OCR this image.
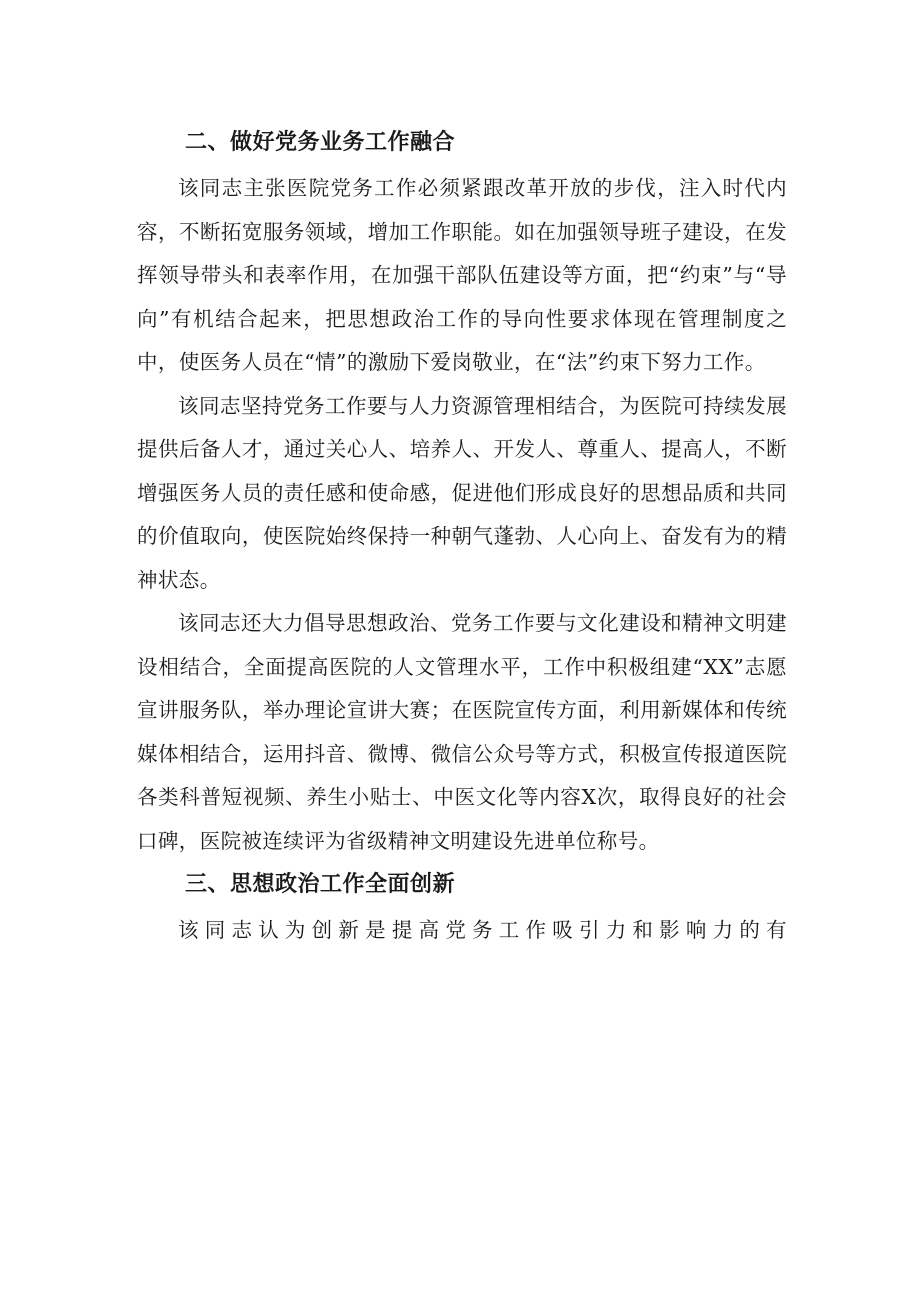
二、做好党务业务工作融合

该同志主张医院党务工作必须紧跟改革开放的步伐，注入时代内容，不断拓宽服务领域，增加工作职能。如在加强领导班子建设，在发挥领导带头和表率作用，在加强干部队伍建设等方面，把“约束”与“导向”有机结合起来，把思想政治工作的导向性要求体现在管理制度之中，使医务人员在“情”的激励下爱岗敬业，在“法”约束下努力工作。

该同志坚持党务工作要与人力资源管理相结合，为医院可持续发展提供后备人才，通过关心人、培养人、开发人、尊重人、提高人，不断增强医务人员的责任感和使命感，促进他们形成良好的思想品质和共同的价值取向，使医院始终保持一种朝气蓬勃、人心向上、奋发有为的精神状态。

该同志还大力倡导思想政治、党务工作要与文化建设和精神文明建设相结合，全面提高医院的人文管理水平，工作中积极组建“XX”志愿宣讲服务队，举办理论宣讲大赛；在医院宣传方面，利用新媒体和传统媒体相结合，运用抖音、微博、微信公众号等方式，积极宣传报道医院各类科普短视频、养生小贴士、中医文化等内容X次，取得良好的社会口碑，医院被连续评为省级精神文明建设先进单位称号。

三、思想政治工作全面创新

该同志认为创新是提高党务工作吸引力和影响力的有
